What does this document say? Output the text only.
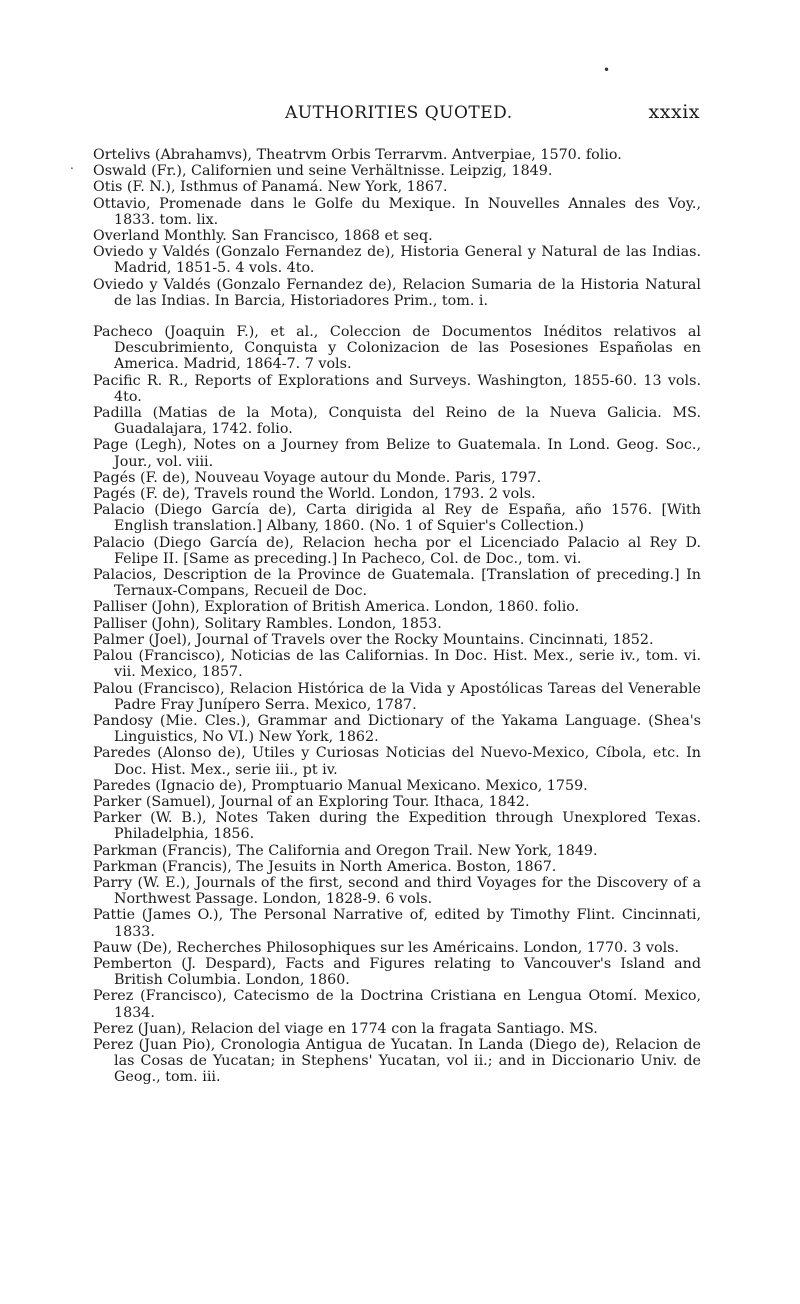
•
.
AUTHORITIES QUOTED.	xxxix

Ortelivs (Abrahamvs), Theatrvm Orbis Terrarvm. Antverpiae, 1570. folio.

Oswald (Fr.), Californien und seine Verhältnisse. Leipzig, 1849.

Otis (F. N.), Isthmus of Panamá. New York, 1867.

Ottavio, Promenade dans le Golfe du Mexique. In Nouvelles Annales des Voy., 1833. tom. lix.

Overland Monthly. San Francisco, 1868 et seq.

Oviedo y Valdés (Gonzalo Fernandez de), Historia General y Natural de las Indias. Madrid, 1851-5. 4 vols. 4to.

Oviedo y Valdés (Gonzalo Fernandez de), Relacion Sumaria de la Historia Natural de las Indias. In Barcia, Historiadores Prim., tom. i.

Pacheco (Joaquin F.), et al., Coleccion de Documentos Inéditos relativos al Descubrimiento, Conquista y Colonizacion de las Posesiones Españolas en America. Madrid, 1864-7. 7 vols.

Pacific R. R., Reports of Explorations and Surveys. Washington, 1855-60. 13 vols. 4to.

Padilla (Matias de la Mota), Conquista del Reino de la Nueva Galicia. MS. Guadalajara, 1742. folio.

Page (Legh), Notes on a Journey from Belize to Guatemala. In Lond. Geog. Soc., Jour., vol. viii.

Pagés (F. de), Nouveau Voyage autour du Monde. Paris, 1797.

Pagés (F. de), Travels round the World. London, 1793. 2 vols.

Palacio (Diego García de), Carta dirigida al Rey de España, año 1576. [With English translation.] Albany, 1860. (No. 1 of Squier's Collection.)

Palacio (Diego García de), Relacion hecha por el Licenciado Palacio al Rey D. Felipe II. [Same as preceding.] In Pacheco, Col. de Doc., tom. vi.

Palacios, Description de la Province de Guatemala. [Translation of preceding.] In Ternaux-Compans, Recueil de Doc.

Palliser (John), Exploration of British America. London, 1860. folio.

Palliser (John), Solitary Rambles. London, 1853.

Palmer (Joel), Journal of Travels over the Rocky Mountains. Cincinnati, 1852.

Palou (Francisco), Noticias de las Californias. In Doc. Hist. Mex., serie iv., tom. vi. vii. Mexico, 1857.

Palou (Francisco), Relacion Histórica de la Vida y Apostólicas Tareas del Venerable Padre Fray Junípero Serra. Mexico, 1787.

Pandosy (Mie. Cles.), Grammar and Dictionary of the Yakama Language. (Shea's Linguistics, No VI.) New York, 1862.

Paredes (Alonso de), Utiles y Curiosas Noticias del Nuevo-Mexico, Cíbola, etc. In Doc. Hist. Mex., serie iii., pt iv.

Paredes (Ignacio de), Promptuario Manual Mexicano. Mexico, 1759.

Parker (Samuel), Journal of an Exploring Tour. Ithaca, 1842.

Parker (W. B.), Notes Taken during the Expedition through Unexplored Texas. Philadelphia, 1856.

Parkman (Francis), The California and Oregon Trail. New York, 1849.

Parkman (Francis), The Jesuits in North America. Boston, 1867.

Parry (W. E.), Journals of the first, second and third Voyages for the Discovery of a Northwest Passage. London, 1828-9. 6 vols.

Pattie (James O.), The Personal Narrative of, edited by Timothy Flint. Cincinnati, 1833.

Pauw (De), Recherches Philosophiques sur les Américains. London, 1770. 3 vols.

Pemberton (J. Despard), Facts and Figures relating to Vancouver's Island and British Columbia. London, 1860.

Perez (Francisco), Catecismo de la Doctrina Cristiana en Lengua Otomí. Mexico, 1834.

Perez (Juan), Relacion del viage en 1774 con la fragata Santiago. MS.

Perez (Juan Pio), Cronologia Antigua de Yucatan. In Landa (Diego de), Relacion de las Cosas de Yucatan; in Stephens' Yucatan, vol ii.; and in Diccionario Univ. de Geog., tom. iii.
